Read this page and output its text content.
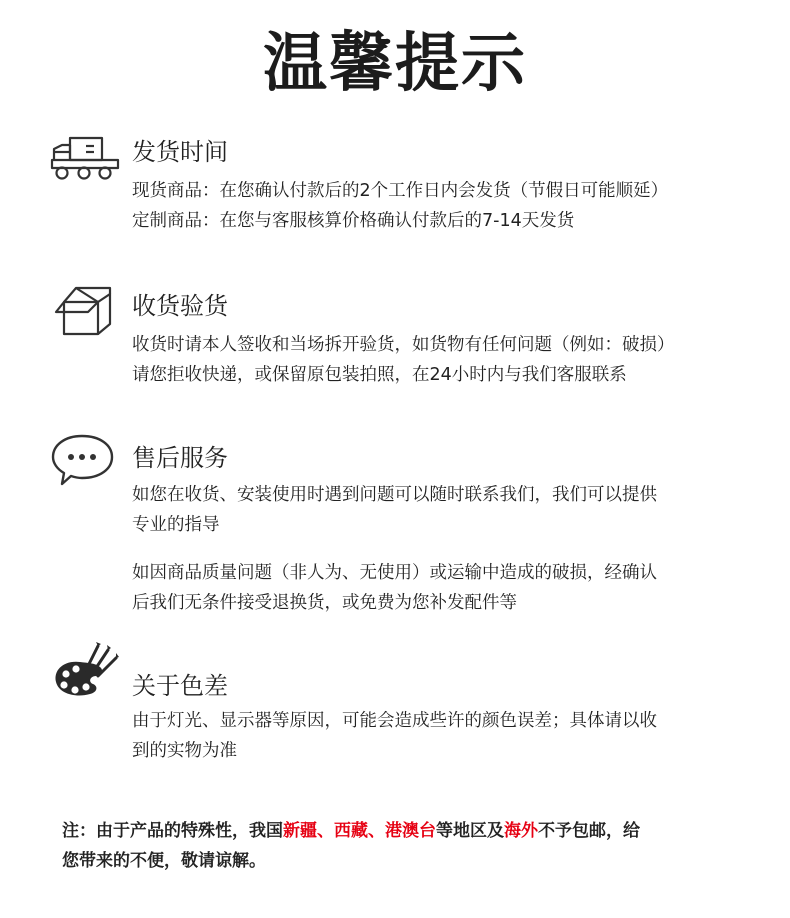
温馨提示
发货时间

现货商品：在您确认付款后的2个工作日内会发货（节假日可能顺延）

定制商品：在您与客服核算价格确认付款后的7-14天发货

收货验货

收货时请本人签收和当场拆开验货，如货物有任何问题（例如：破损）

请您拒收快递，或保留原包装拍照，在24小时内与我们客服联系

售后服务

如您在收货、安装使用时遇到问题可以随时联系我们，我们可以提供

专业的指导

如因商品质量问题（非人为、无使用）或运输中造成的破损，经确认

后我们无条件接受退换货，或免费为您补发配件等

关于色差

由于灯光、显示器等原因，可能会造成些许的颜色误差；具体请以收

到的实物为准

注：由于产品的特殊性，我国新疆、西藏、港澳台等地区及海外不予包邮，给
您带来的不便，敬请谅解。
